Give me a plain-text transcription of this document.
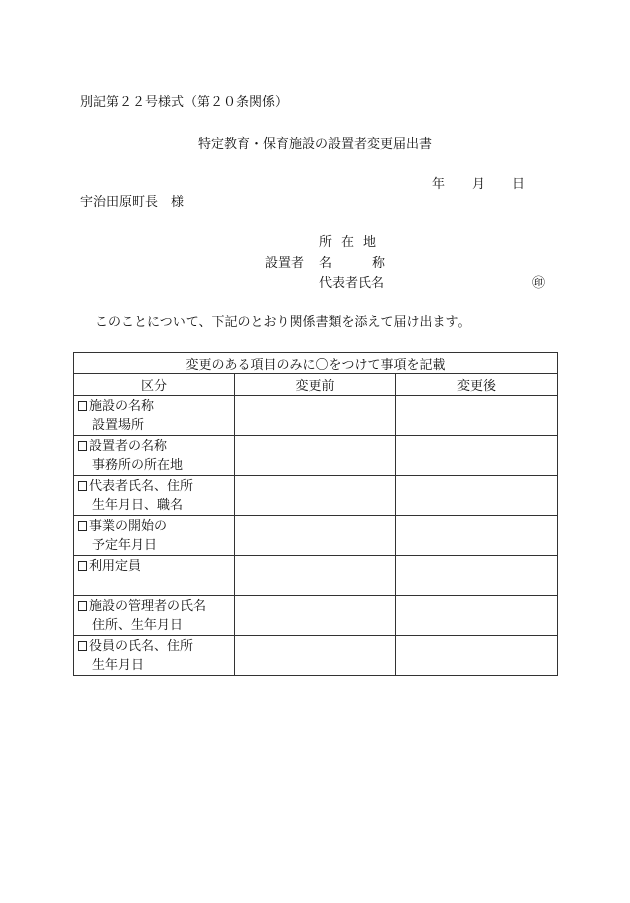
別記第２２号様式（第２０条関係）
特定教育・保育施設の設置者変更届出書
年 月 日
宇治田原町長　様
所在地
設置者 名	称
代表者氏名	㊞
このことについて、下記のとおり関係書類を添えて届け出ます。
変更のある項目のみに〇をつけて事項を記載		
区分	変更前	変更後

施設の名称
設置場所		

設置者の名称
事務所の所在地		

代表者氏名、住所
生年月日、職名		

事業の開始の
予定年月日		

利用定員		

施設の管理者の氏名
住所、生年月日		

役員の氏名、住所
生年月日		
